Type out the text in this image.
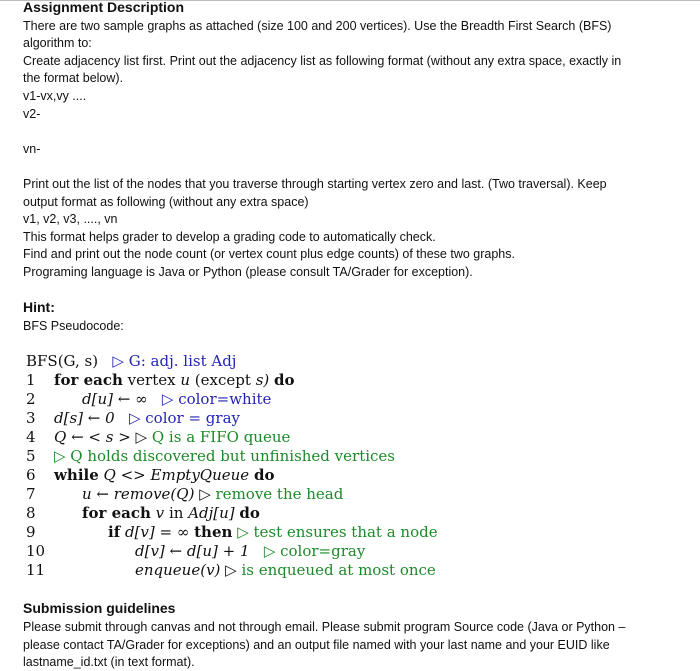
Assignment Description
There are two sample graphs as attached (size 100 and 200 vertices). Use the Breadth First Search (BFS)
algorithm to:
Create adjacency list first. Print out the adjacency list as following format (without any extra space, exactly in
the format below).
v1-vx,vy ....
v2-
vn-
Print out the list of the nodes that you traverse through starting vertex zero and last. (Two traversal). Keep
output format as following (without any extra space)
v1, v2, v3, ...., vn
This format helps grader to develop a grading code to automatically check.
Find and print out the node count (or vertex count plus edge counts) of these two graphs.
Programing language is Java or Python (please consult TA/Grader for exception).
Hint:
BFS Pseudocode:
BFS(G, s) ▷ G: adj. list Adj
1
2
3
4
5
6
7
8
9
10
11
for each vertex u (except s) do
d[u] ← ∞ ▷ color=white
d[s] ← 0 ▷ color = gray
Q ← < s > ▷ Q is a FIFO queue
▷ Q holds discovered but unfinished vertices
while Q <> EmptyQueue do
u ← remove(Q) ▷ remove the head
for each v in Adj[u] do
if d[v] = ∞ then ▷ test ensures that a node
d[v] ← d[u] + 1 ▷ color=gray
enqueue(v) ▷ is enqueued at most once
Submission guidelines
Please submit through canvas and not through email. Please submit program Source code (Java or Python –
please contact TA/Grader for exceptions) and an output file named with your last name and your EUID like
lastname_id.txt (in text format).
